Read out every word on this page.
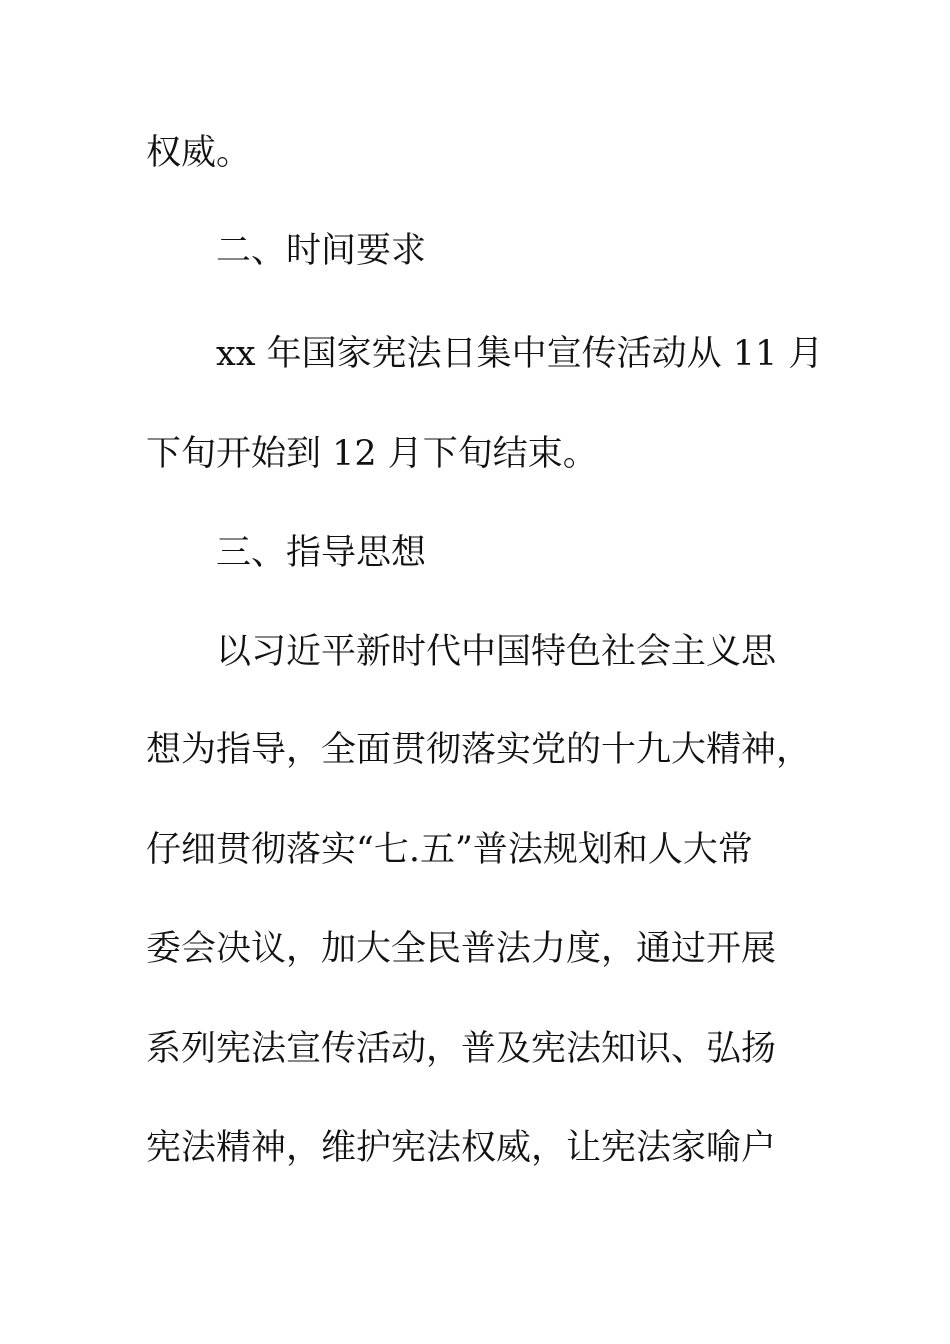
权威。
二、时间要求
xx 年国家宪法日集中宣传活动从 11 月
下旬开始到 12 月下旬结束。
三、指导思想
以习近平新时代中国特色社会主义思
想为指导，全面贯彻落实党的十九大精神，
仔细贯彻落实“七.五”普法规划和人大常
委会决议，加大全民普法力度，通过开展
系列宪法宣传活动，普及宪法知识、弘扬
宪法精神，维护宪法权威，让宪法家喻户
